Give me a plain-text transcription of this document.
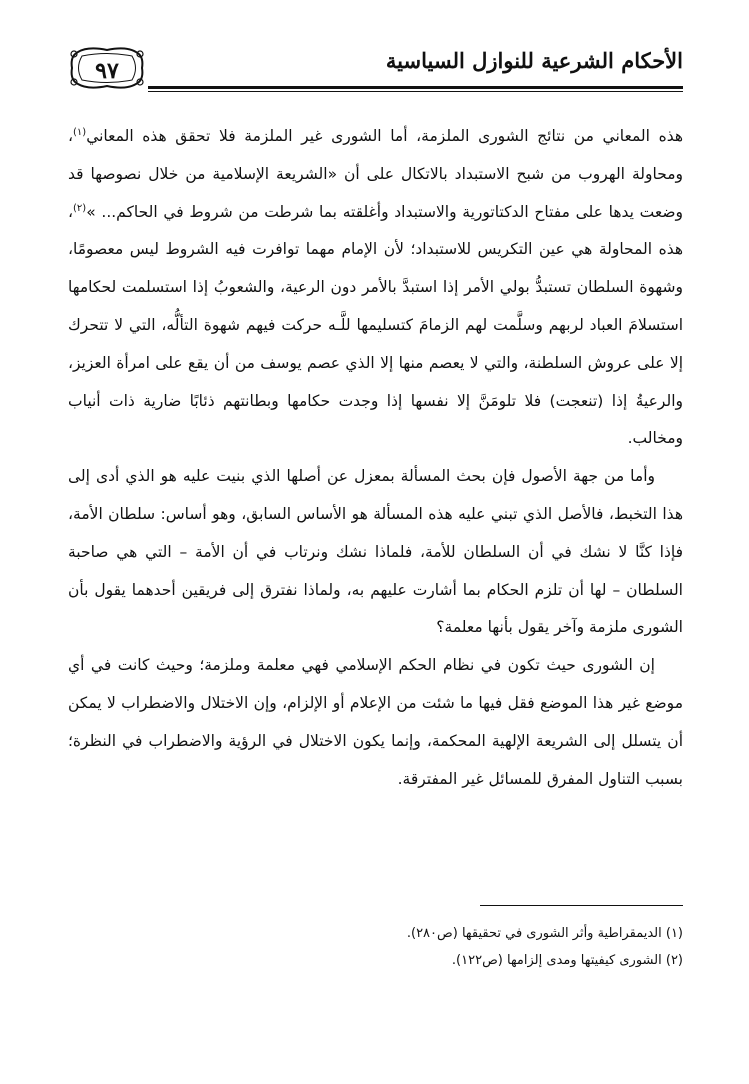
٩٧	الأحكام الشرعية للنوازل السياسية

هذه المعاني من نتائج الشورى الملزمة، أما الشورى غير الملزمة فلا تحقق هذه المعاني$^{(١)}$، ومحاولة الهروب من شبح الاستبداد بالاتكال على أن «الشريعة الإسلامية من خلال نصوصها قد وضعت يدها على مفتاح الدكتاتورية والاستبداد وأغلقته بما شرطت من شروط في الحاكم... »$^{(٢)}$، هذه المحاولة هي عين التكريس للاستبداد؛ لأن الإمام مهما توافرت فيه الشروط ليس معصومًا، وشهوة السلطان تستبدُّ بولي الأمر إذا استبدَّ بالأمر دون الرعية، والشعوبُ إذا استسلمت لحكامها استسلامَ العباد لربهم وسلَّمت لهم الزمامَ كتسليمها للَّـه حركت فيهم شهوة التألُّه، التي لا تتحرك إلا على عروش السلطنة، والتي لا يعصم منها إلا الذي عصم يوسف من أن يقع على امرأة العزيز، والرعيةُ إذا (تنعجت) فلا تلومَنَّ إلا نفسها إذا وجدت حكامها وبطانتهم ذئابًا ضارية ذات أنياب ومخالب.

وأما من جهة الأصول فإن بحث المسألة بمعزل عن أصلها الذي بنيت عليه هو الذي أدى إلى هذا التخبط، فالأصل الذي تبني عليه هذه المسألة هو الأساس السابق، وهو أساس: سلطان الأمة، فإذا كنَّا لا نشك في أن السلطان للأمة، فلماذا نشك ونرتاب في أن الأمة – التي هي صاحبة السلطان – لها أن تلزم الحكام بما أشارت عليهم به، ولماذا نفترق إلى فريقين أحدهما يقول بأن الشورى ملزمة وآخر يقول بأنها معلمة؟

إن الشورى حيث تكون في نظام الحكم الإسلامي فهي معلمة وملزمة؛ وحيث كانت في أي موضع غير هذا الموضع فقل فيها ما شئت من الإعلام أو الإلزام، وإن الاختلال والاضطراب لا يمكن أن يتسلل إلى الشريعة الإلهية المحكمة، وإنما يكون الاختلال في الرؤية والاضطراب في النظرة؛ بسبب التناول المفرق للمسائل غير المفترقة.

(١) الديمقراطية وأثر الشورى في تحقيقها (ص٢٨٠).
(٢) الشورى كيفيتها ومدى إلزامها (ص١٢٢).
